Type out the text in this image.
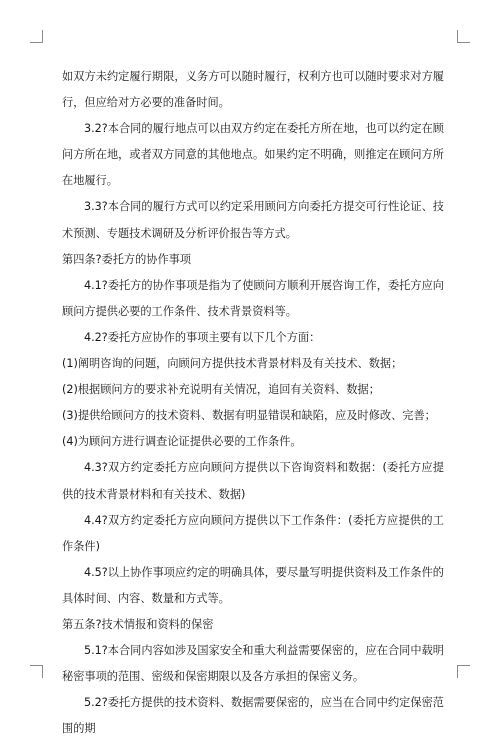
如双方未约定履行期限，义务方可以随时履行，权利方也可以随时要求对方履行，但应给对方必要的准备时间。

3.2?本合同的履行地点可以由双方约定在委托方所在地，也可以约定在顾问方所在地，或者双方同意的其他地点。如果约定不明确，则推定在顾问方所在地履行。

3.3?本合同的履行方式可以约定采用顾问方向委托方提交可行性论证、技术预测、专题技术调研及分析评价报告等方式。

第四条?委托方的协作事项

4.1?委托方的协作事项是指为了使顾问方顺利开展咨询工作，委托方应向顾问方提供必要的工作条件、技术背景资料等。

4.2?委托方应协作的事项主要有以下几个方面：

(1)阐明咨询的问题，向顾问方提供技术背景材料及有关技术、数据；

(2)根据顾问方的要求补充说明有关情况，追回有关资料、数据；

(3)提供给顾问方的技术资料、数据有明显错误和缺陷，应及时修改、完善；

(4)为顾问方进行调查论证提供必要的工作条件。

4.3?双方约定委托方应向顾问方提供以下咨询资料和数据：(委托方应提供的技术背景材料和有关技术、数据)

4.4?双方约定委托方应向顾问方提供以下工作条件：(委托方应提供的工作条件)

4.5?以上协作事项应约定的明确具体，要尽量写明提供资料及工作条件的具体时间、内容、数量和方式等。

第五条?技术情报和资料的保密

5.1?本合同内容如涉及国家安全和重大利益需要保密的，应在合同中载明秘密事项的范围、密级和保密期限以及各方承担的保密义务。

5.2?委托方提供的技术资料、数据需要保密的，应当在合同中约定保密范围的期
